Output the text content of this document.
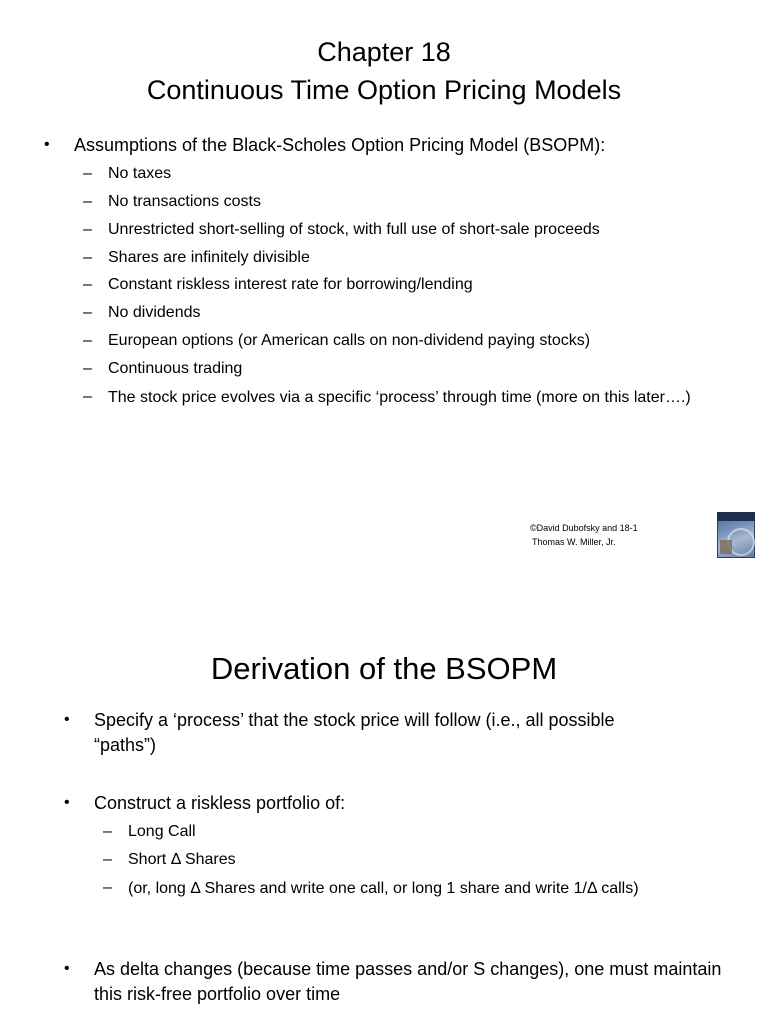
Chapter 18
Continuous Time Option Pricing Models
• Assumptions of the Black-Scholes Option Pricing Model (BSOPM):
– No taxes
– No transactions costs
– Unrestricted short-selling of stock, with full use of short-sale proceeds
– Shares are infinitely divisible
– Constant riskless interest rate for borrowing/lending
– No dividends
– European options (or American calls on non-dividend paying stocks)
– Continuous trading
– The stock price evolves via a specific ‘process’ through time (more on this later….)
©David Dubofsky and 18-1
Thomas W. Miller, Jr.
Derivation of the BSOPM
• Specify a ‘process’ that the stock price will follow (i.e., all possible “paths”)
• Construct a riskless portfolio of:
– Long Call
– Short Δ Shares
– (or, long Δ Shares and write one call, or long 1 share and write 1/Δ calls)
• As delta changes (because time passes and/or S changes), one must maintain this risk-free portfolio over time
